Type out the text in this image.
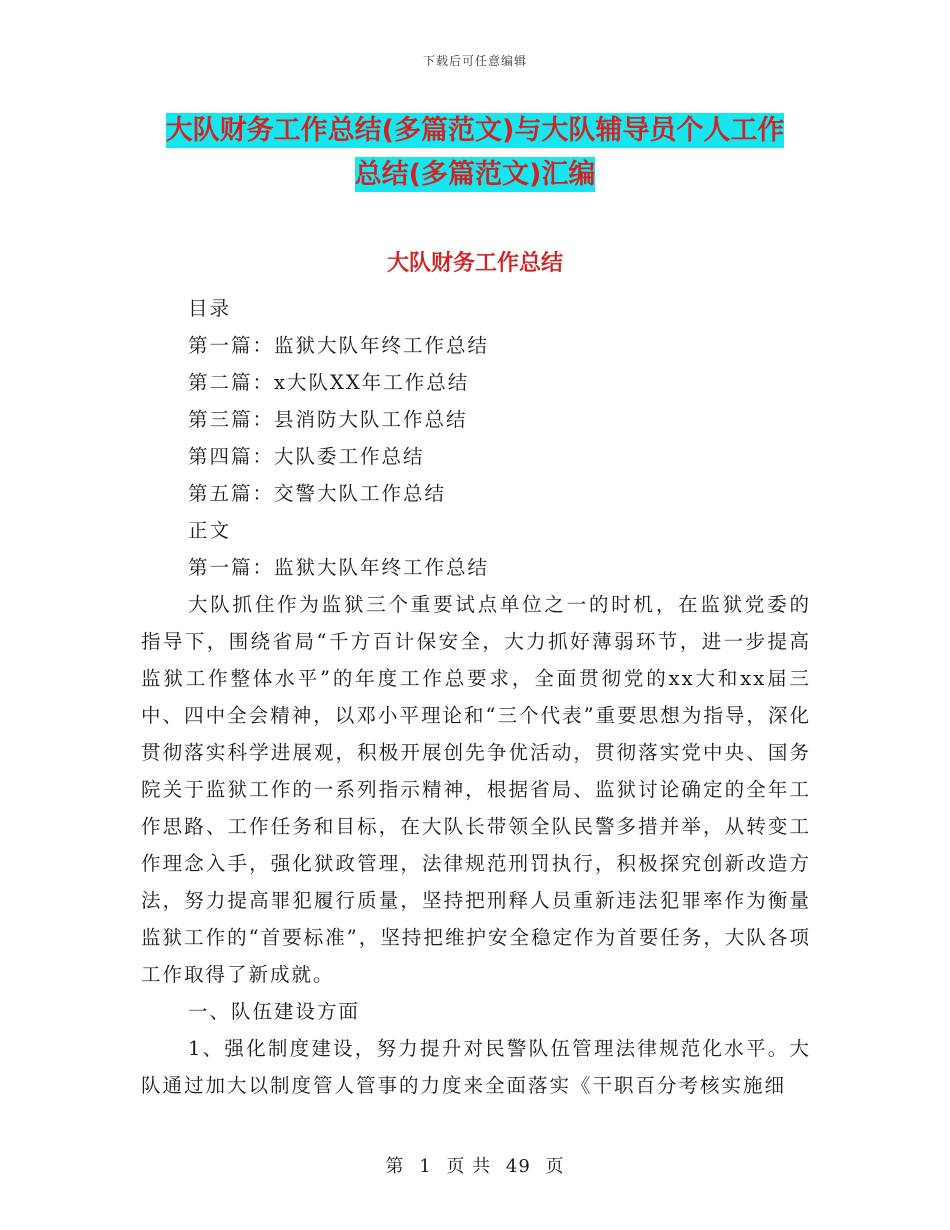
下载后可任意编辑
大队财务工作总结(多篇范文)与大队辅导员个人工作
总结(多篇范文)汇编
大队财务工作总结
目录
第一篇：监狱大队年终工作总结
第二篇：x大队XX年工作总结
第三篇：县消防大队工作总结
第四篇：大队委工作总结
第五篇：交警大队工作总结
正文
第一篇：监狱大队年终工作总结
大队抓住作为监狱三个重要试点单位之一的时机，在监狱党委的指导下，围绕省局“千方百计保安全，大力抓好薄弱环节，进一步提高监狱工作整体水平”的年度工作总要求，全面贯彻党的xx大和xx届三中、四中全会精神，以邓小平理论和“三个代表”重要思想为指导，深化贯彻落实科学进展观，积极开展创先争优活动，贯彻落实党中央、国务院关于监狱工作的一系列指示精神，根据省局、监狱讨论确定的全年工作思路、工作任务和目标，在大队长带领全队民警多措并举，从转变工作理念入手，强化狱政管理，法律规范刑罚执行，积极探究创新改造方法，努力提高罪犯履行质量，坚持把刑释人员重新违法犯罪率作为衡量监狱工作的“首要标准”，坚持把维护安全稳定作为首要任务，大队各项工作取得了新成就。
一、队伍建设方面
1、强化制度建设，努力提升对民警队伍管理法律规范化水平。大队通过加大以制度管人管事的力度来全面落实《干职百分考核实施细
第 1 页 共 49 页
